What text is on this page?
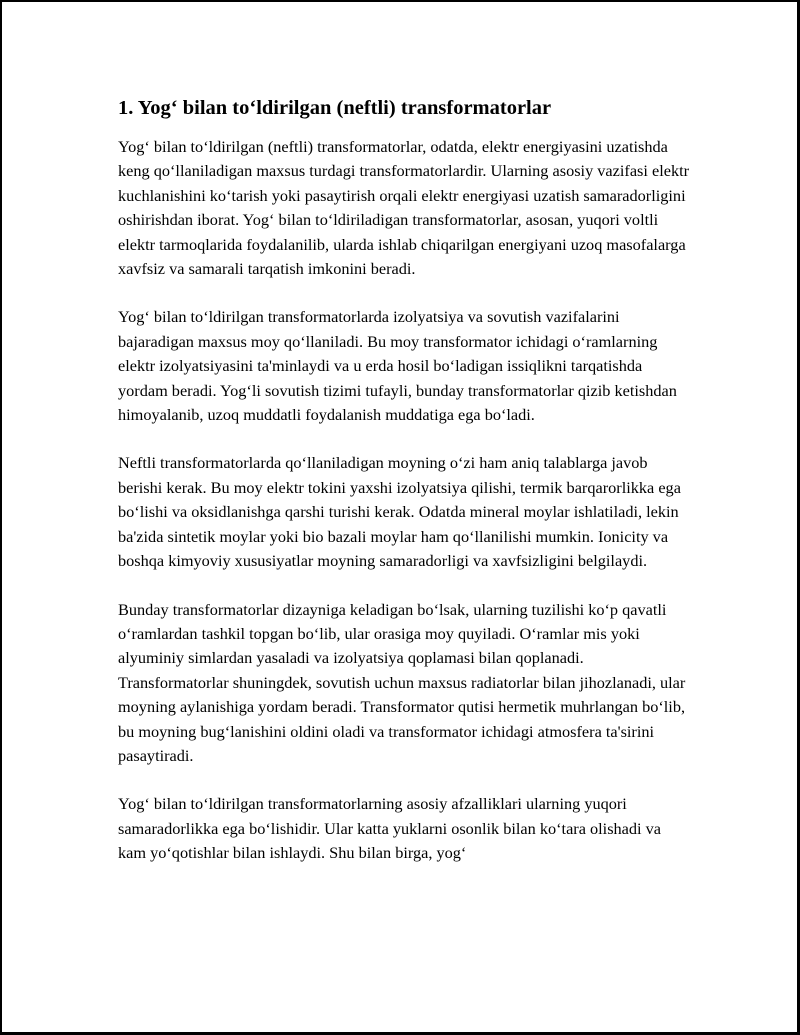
1. Yog‘ bilan to‘ldirilgan (neftli) transformatorlar

Yog‘ bilan to‘ldirilgan (neftli) transformatorlar, odatda, elektr energiyasini uzatishda keng qo‘llaniladigan maxsus turdagi transformatorlardir. Ularning asosiy vazifasi elektr kuchlanishini ko‘tarish yoki pasaytirish orqali elektr energiyasi uzatish samaradorligini oshirishdan iborat. Yog‘ bilan to‘ldiriladigan transformatorlar, asosan, yuqori voltli elektr tarmoqlarida foydalanilib, ularda ishlab chiqarilgan energiyani uzoq masofalarga xavfsiz va samarali tarqatish imkonini beradi.

Yog‘ bilan to‘ldirilgan transformatorlarda izolyatsiya va sovutish vazifalarini bajaradigan maxsus moy qo‘llaniladi. Bu moy transformator ichidagi o‘ramlarning elektr izolyatsiyasini ta'minlaydi va u erda hosil bo‘ladigan issiqlikni tarqatishda yordam beradi. Yog‘li sovutish tizimi tufayli, bunday transformatorlar qizib ketishdan himoyalanib, uzoq muddatli foydalanish muddatiga ega bo‘ladi.

Neftli transformatorlarda qo‘llaniladigan moyning o‘zi ham aniq talablarga javob berishi kerak. Bu moy elektr tokini yaxshi izolyatsiya qilishi, termik barqarorlikka ega bo‘lishi va oksidlanishga qarshi turishi kerak. Odatda mineral moylar ishlatiladi, lekin ba'zida sintetik moylar yoki bio bazali moylar ham qo‘llanilishi mumkin. Ionicity va boshqa kimyoviy xususiyatlar moyning samaradorligi va xavfsizligini belgilaydi.

Bunday transformatorlar dizayniga keladigan bo‘lsak, ularning tuzilishi ko‘p qavatli o‘ramlardan tashkil topgan bo‘lib, ular orasiga moy quyiladi. O‘ramlar mis yoki alyuminiy simlardan yasaladi va izolyatsiya qoplamasi bilan qoplanadi. Transformatorlar shuningdek, sovutish uchun maxsus radiatorlar bilan jihozlanadi, ular moyning aylanishiga yordam beradi. Transformator qutisi hermetik muhrlangan bo‘lib, bu moyning bug‘lanishini oldini oladi va transformator ichidagi atmosfera ta'sirini pasaytiradi.

Yog‘ bilan to‘ldirilgan transformatorlarning asosiy afzalliklari ularning yuqori samaradorlikka ega bo‘lishidir. Ular katta yuklarni osonlik bilan ko‘tara olishadi va kam yo‘qotishlar bilan ishlaydi. Shu bilan birga, yog‘
